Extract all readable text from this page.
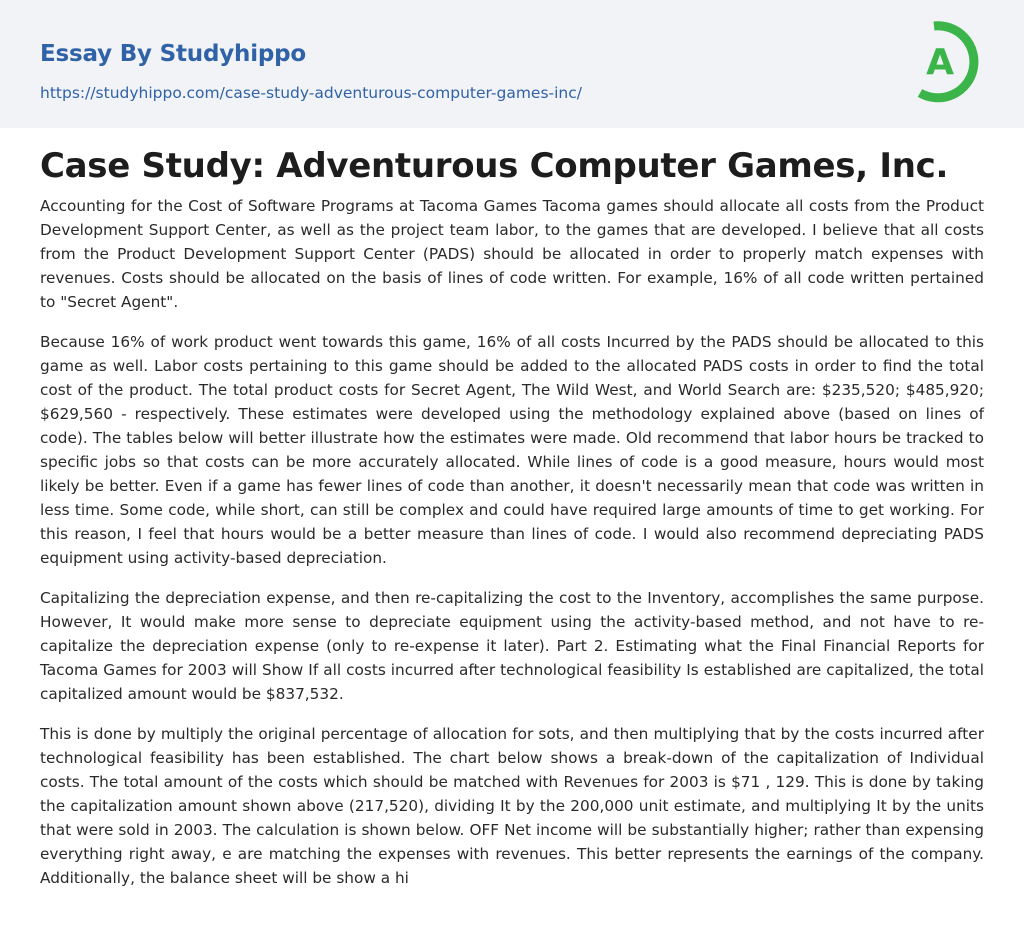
Essay By Studyhippo
https://studyhippo.com/case-study-adventurous-computer-games-inc/
A
Case Study: Adventurous Computer Games, Inc.

Accounting for the Cost of Software Programs at Tacoma Games Tacoma games should allocate all costs from the Product Development Support Center, as well as the project team labor, to the games that are developed. I believe that all costs from the Product Development Support Center (PADS) should be allocated in order to properly match expenses with revenues. Costs should be allocated on the basis of lines of code written. For example, 16% of all code written pertained to "Secret Agent".

Because 16% of work product went towards this game, 16% of all costs Incurred by the PADS should be allocated to this game as well. Labor costs pertaining to this game should be added to the allocated PADS costs in order to find the total cost of the product. The total product costs for Secret Agent, The Wild West, and World Search are: $235,520; $485,920; $629,560 - respectively. These estimates were developed using the methodology explained above (based on lines of code). The tables below will better illustrate how the estimates were made. Old recommend that labor hours be tracked to specific jobs so that costs can be more accurately allocated. While lines of code is a good measure, hours would most likely be better. Even if a game has fewer lines of code than another, it doesn't necessarily mean that code was written in less time. Some code, while short, can still be complex and could have required large amounts of time to get working. For this reason, I feel that hours would be a better measure than lines of code. I would also recommend depreciating PADS equipment using activity-based depreciation.

Capitalizing the depreciation expense, and then re-capitalizing the cost to the Inventory, accomplishes the same purpose. However, It would make more sense to depreciate equipment using the activity-based method, and not have to re-capitalize the depreciation expense (only to re-expense it later). Part 2. Estimating what the Final Financial Reports for Tacoma Games for 2003 will Show If all costs incurred after technological feasibility Is established are capitalized, the total capitalized amount would be $837,532.

This is done by multiply the original percentage of allocation for sots, and then multiplying that by the costs incurred after technological feasibility has been established. The chart below shows a break-down of the capitalization of Individual costs. The total amount of the costs which should be matched with Revenues for 2003 is $71 , 129. This is done by taking the capitalization amount shown above (217,520), dividing It by the 200,000 unit estimate, and multiplying It by the units that were sold in 2003. The calculation is shown below. OFF Net income will be substantially higher; rather than expensing everything right away, e are matching the expenses with revenues. This better represents the earnings of the company. Additionally, the balance sheet will be show a hi
